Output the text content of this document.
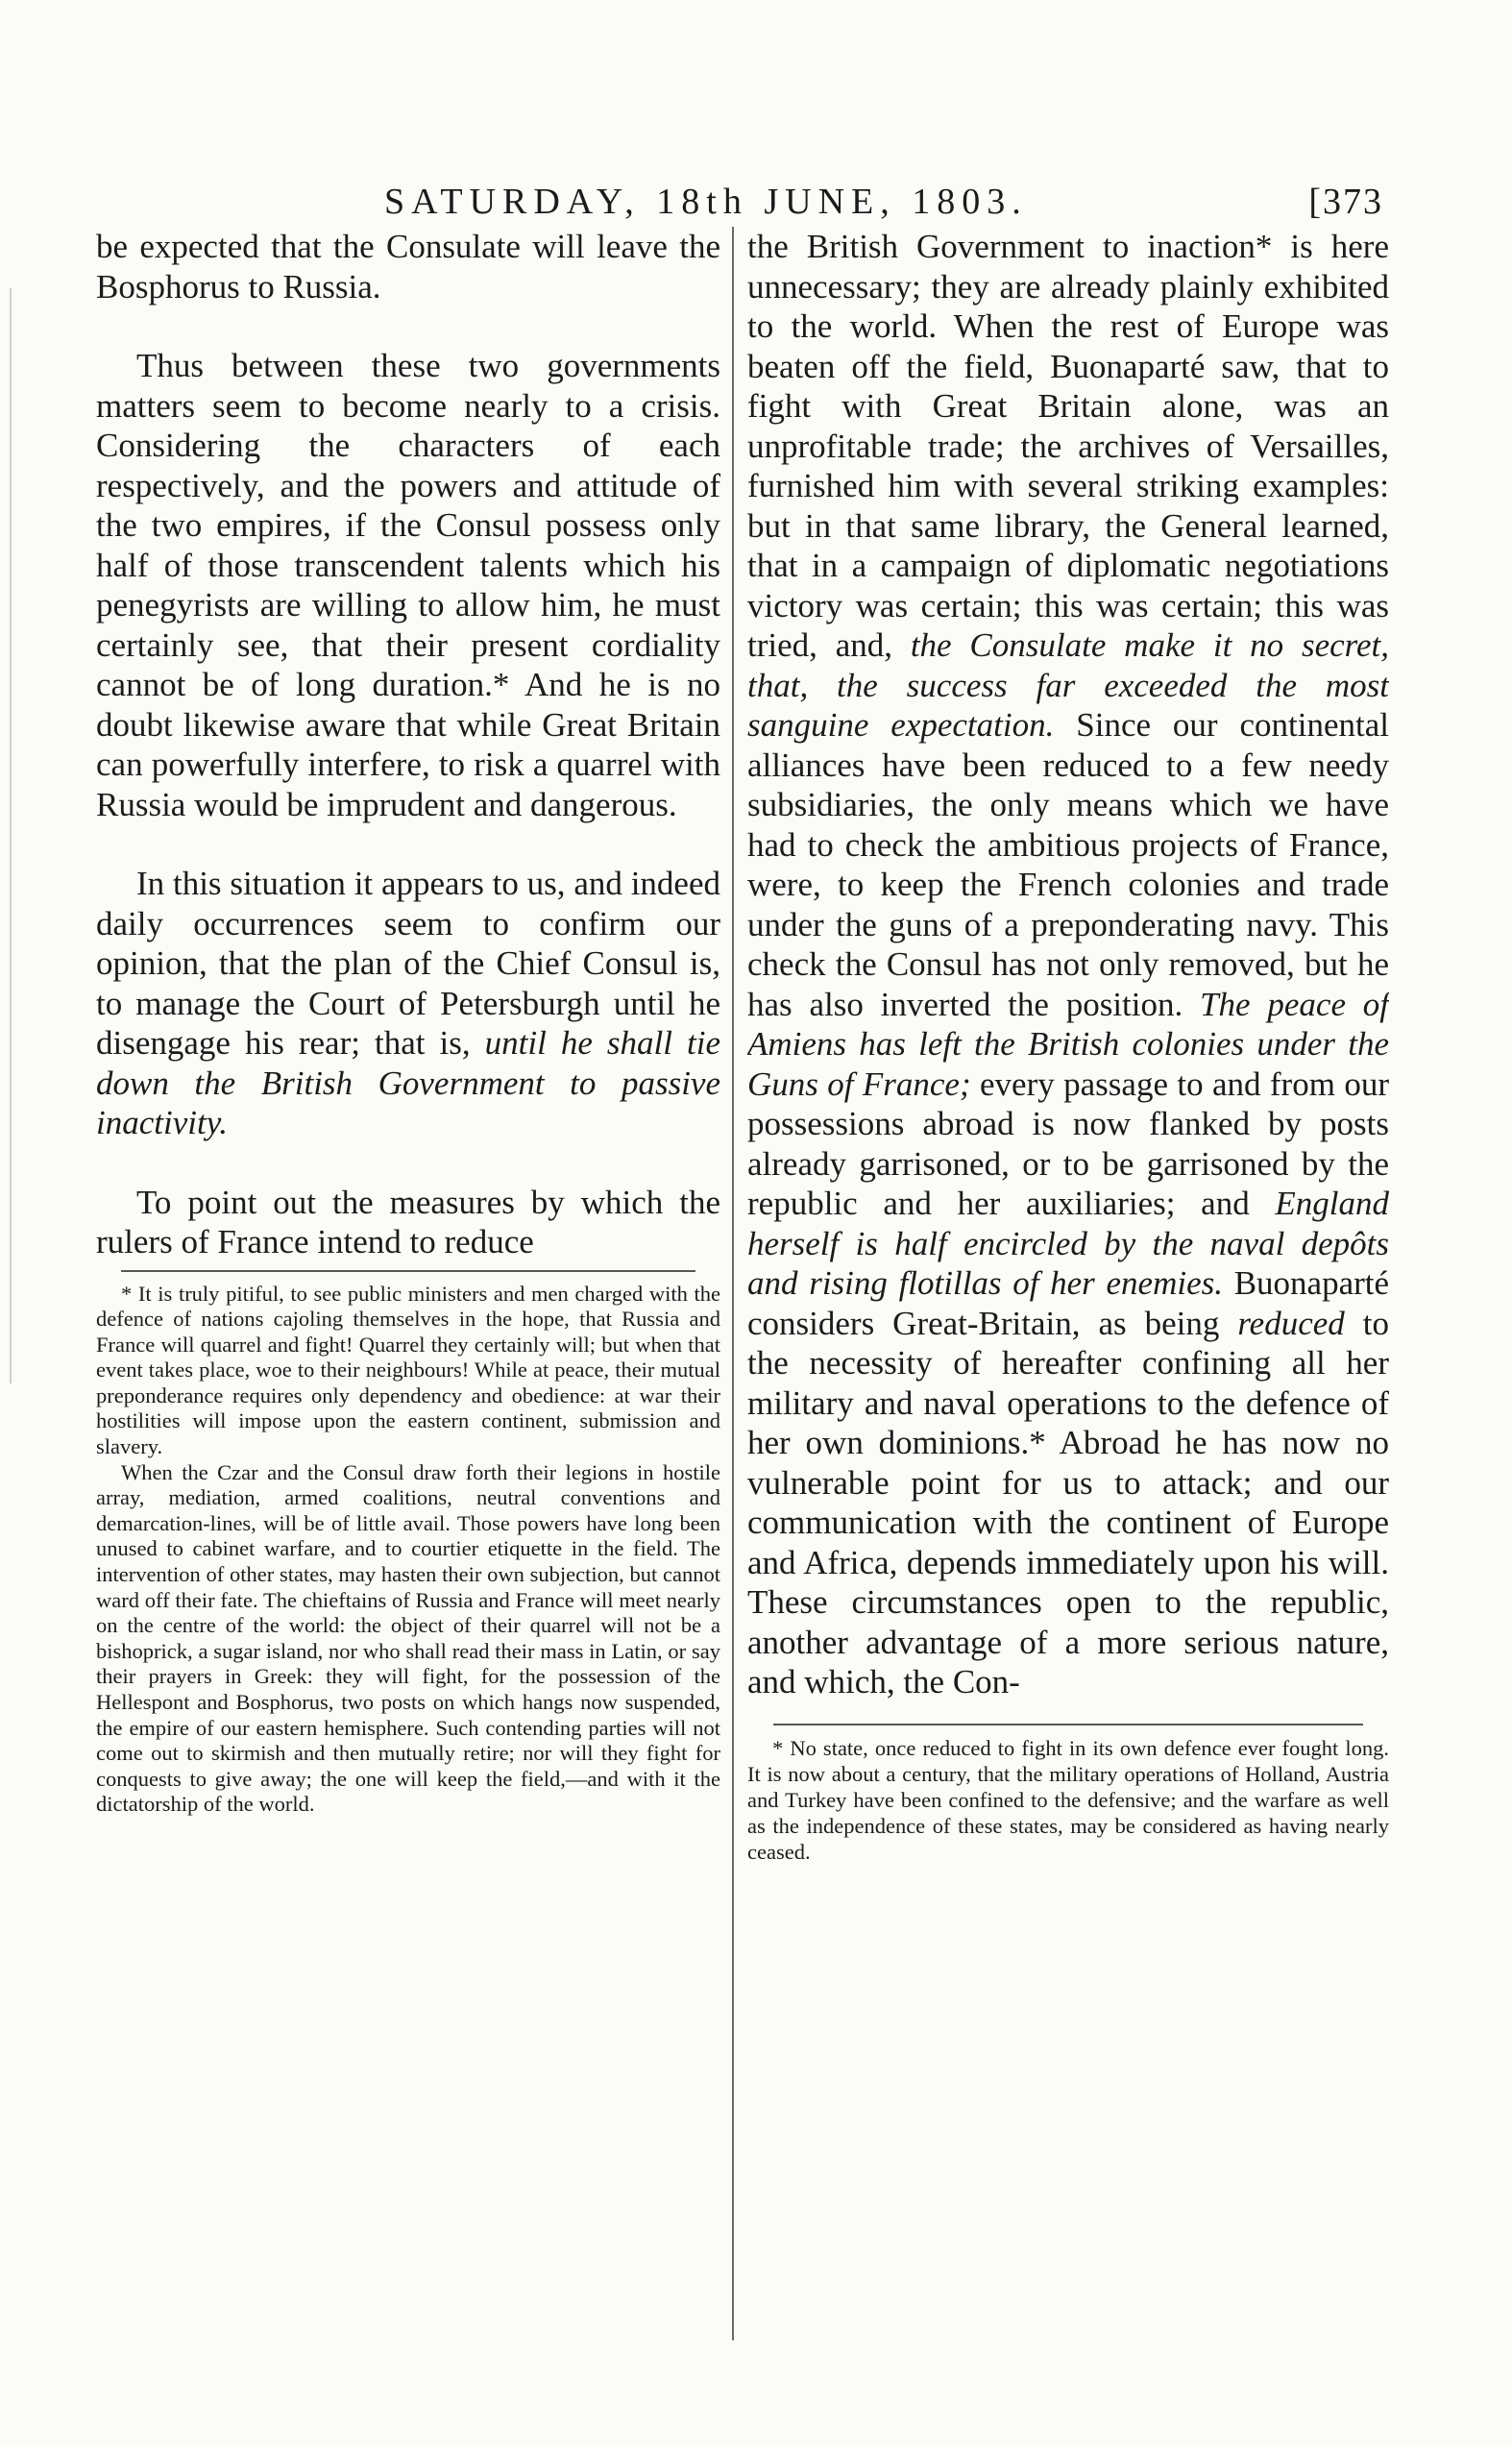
SATURDAY, 18th JUNE, 1803.	[373

be expected that the Consulate will leave the Bosphorus to Russia.

Thus between these two governments matters seem to become nearly to a crisis. Considering the characters of each respectively, and the powers and attitude of the two empires, if the Consul possess only half of those transcendent talents which his penegyrists are willing to allow him, he must certainly see, that their present cordiality cannot be of long duration.* And he is no doubt likewise aware that while Great Britain can powerfully interfere, to risk a quarrel with Russia would be imprudent and dangerous.

In this situation it appears to us, and indeed daily occurrences seem to confirm our opinion, that the plan of the Chief Consul is, to manage the Court of Petersburgh until he disengage his rear; that is, until he shall tie down the British Government to passive inactivity.

To point out the measures by which the rulers of France intend to reduce

* It is truly pitiful, to see public ministers and men charged with the defence of nations cajoling themselves in the hope, that Russia and France will quarrel and fight! Quarrel they certainly will; but when that event takes place, woe to their neighbours! While at peace, their mutual preponderance requires only dependency and obedience: at war their hostilities will impose upon the eastern continent, submission and slavery.

When the Czar and the Consul draw forth their legions in hostile array, mediation, armed coalitions, neutral conventions and demarcation-lines, will be of little avail. Those powers have long been unused to cabinet warfare, and to courtier etiquette in the field. The intervention of other states, may hasten their own subjection, but cannot ward off their fate. The chieftains of Russia and France will meet nearly on the centre of the world: the object of their quarrel will not be a bishoprick, a sugar island, nor who shall read their mass in Latin, or say their prayers in Greek: they will fight, for the possession of the Hellespont and Bosphorus, two posts on which hangs now suspended, the empire of our eastern hemisphere. Such contending parties will not come out to skirmish and then mutually retire; nor will they fight for conquests to give away; the one will keep the field,—and with it the dictatorship of the world.

the British Government to inaction* is here unnecessary; they are already plainly exhibited to the world. When the rest of Europe was beaten off the field, Buonaparté saw, that to fight with Great Britain alone, was an unprofitable trade; the archives of Versailles, furnished him with several striking examples: but in that same library, the General learned, that in a campaign of diplomatic negotiations victory was certain; this was certain; this was tried, and, the Consulate make it no secret, that, the success far exceeded the most sanguine expectation. Since our continental alliances have been reduced to a few needy subsidiaries, the only means which we have had to check the ambitious projects of France, were, to keep the French colonies and trade under the guns of a preponderating navy. This check the Consul has not only removed, but he has also inverted the position. The peace of Amiens has left the British colonies under the Guns of France; every passage to and from our possessions abroad is now flanked by posts already garrisoned, or to be garrisoned by the republic and her auxiliaries; and England herself is half encircled by the naval depôts and rising flotillas of her enemies. Buonaparté considers Great-Britain, as being reduced to the necessity of hereafter confining all her military and naval operations to the defence of her own dominions.* Abroad he has now no vulnerable point for us to attack; and our communication with the continent of Europe and Africa, depends immediately upon his will. These circumstances open to the republic, another advantage of a more serious nature, and which, the Con-

* No state, once reduced to fight in its own defence ever fought long. It is now about a century, that the military operations of Holland, Austria and Turkey have been confined to the defensive; and the warfare as well as the independence of these states, may be considered as having nearly ceased.
